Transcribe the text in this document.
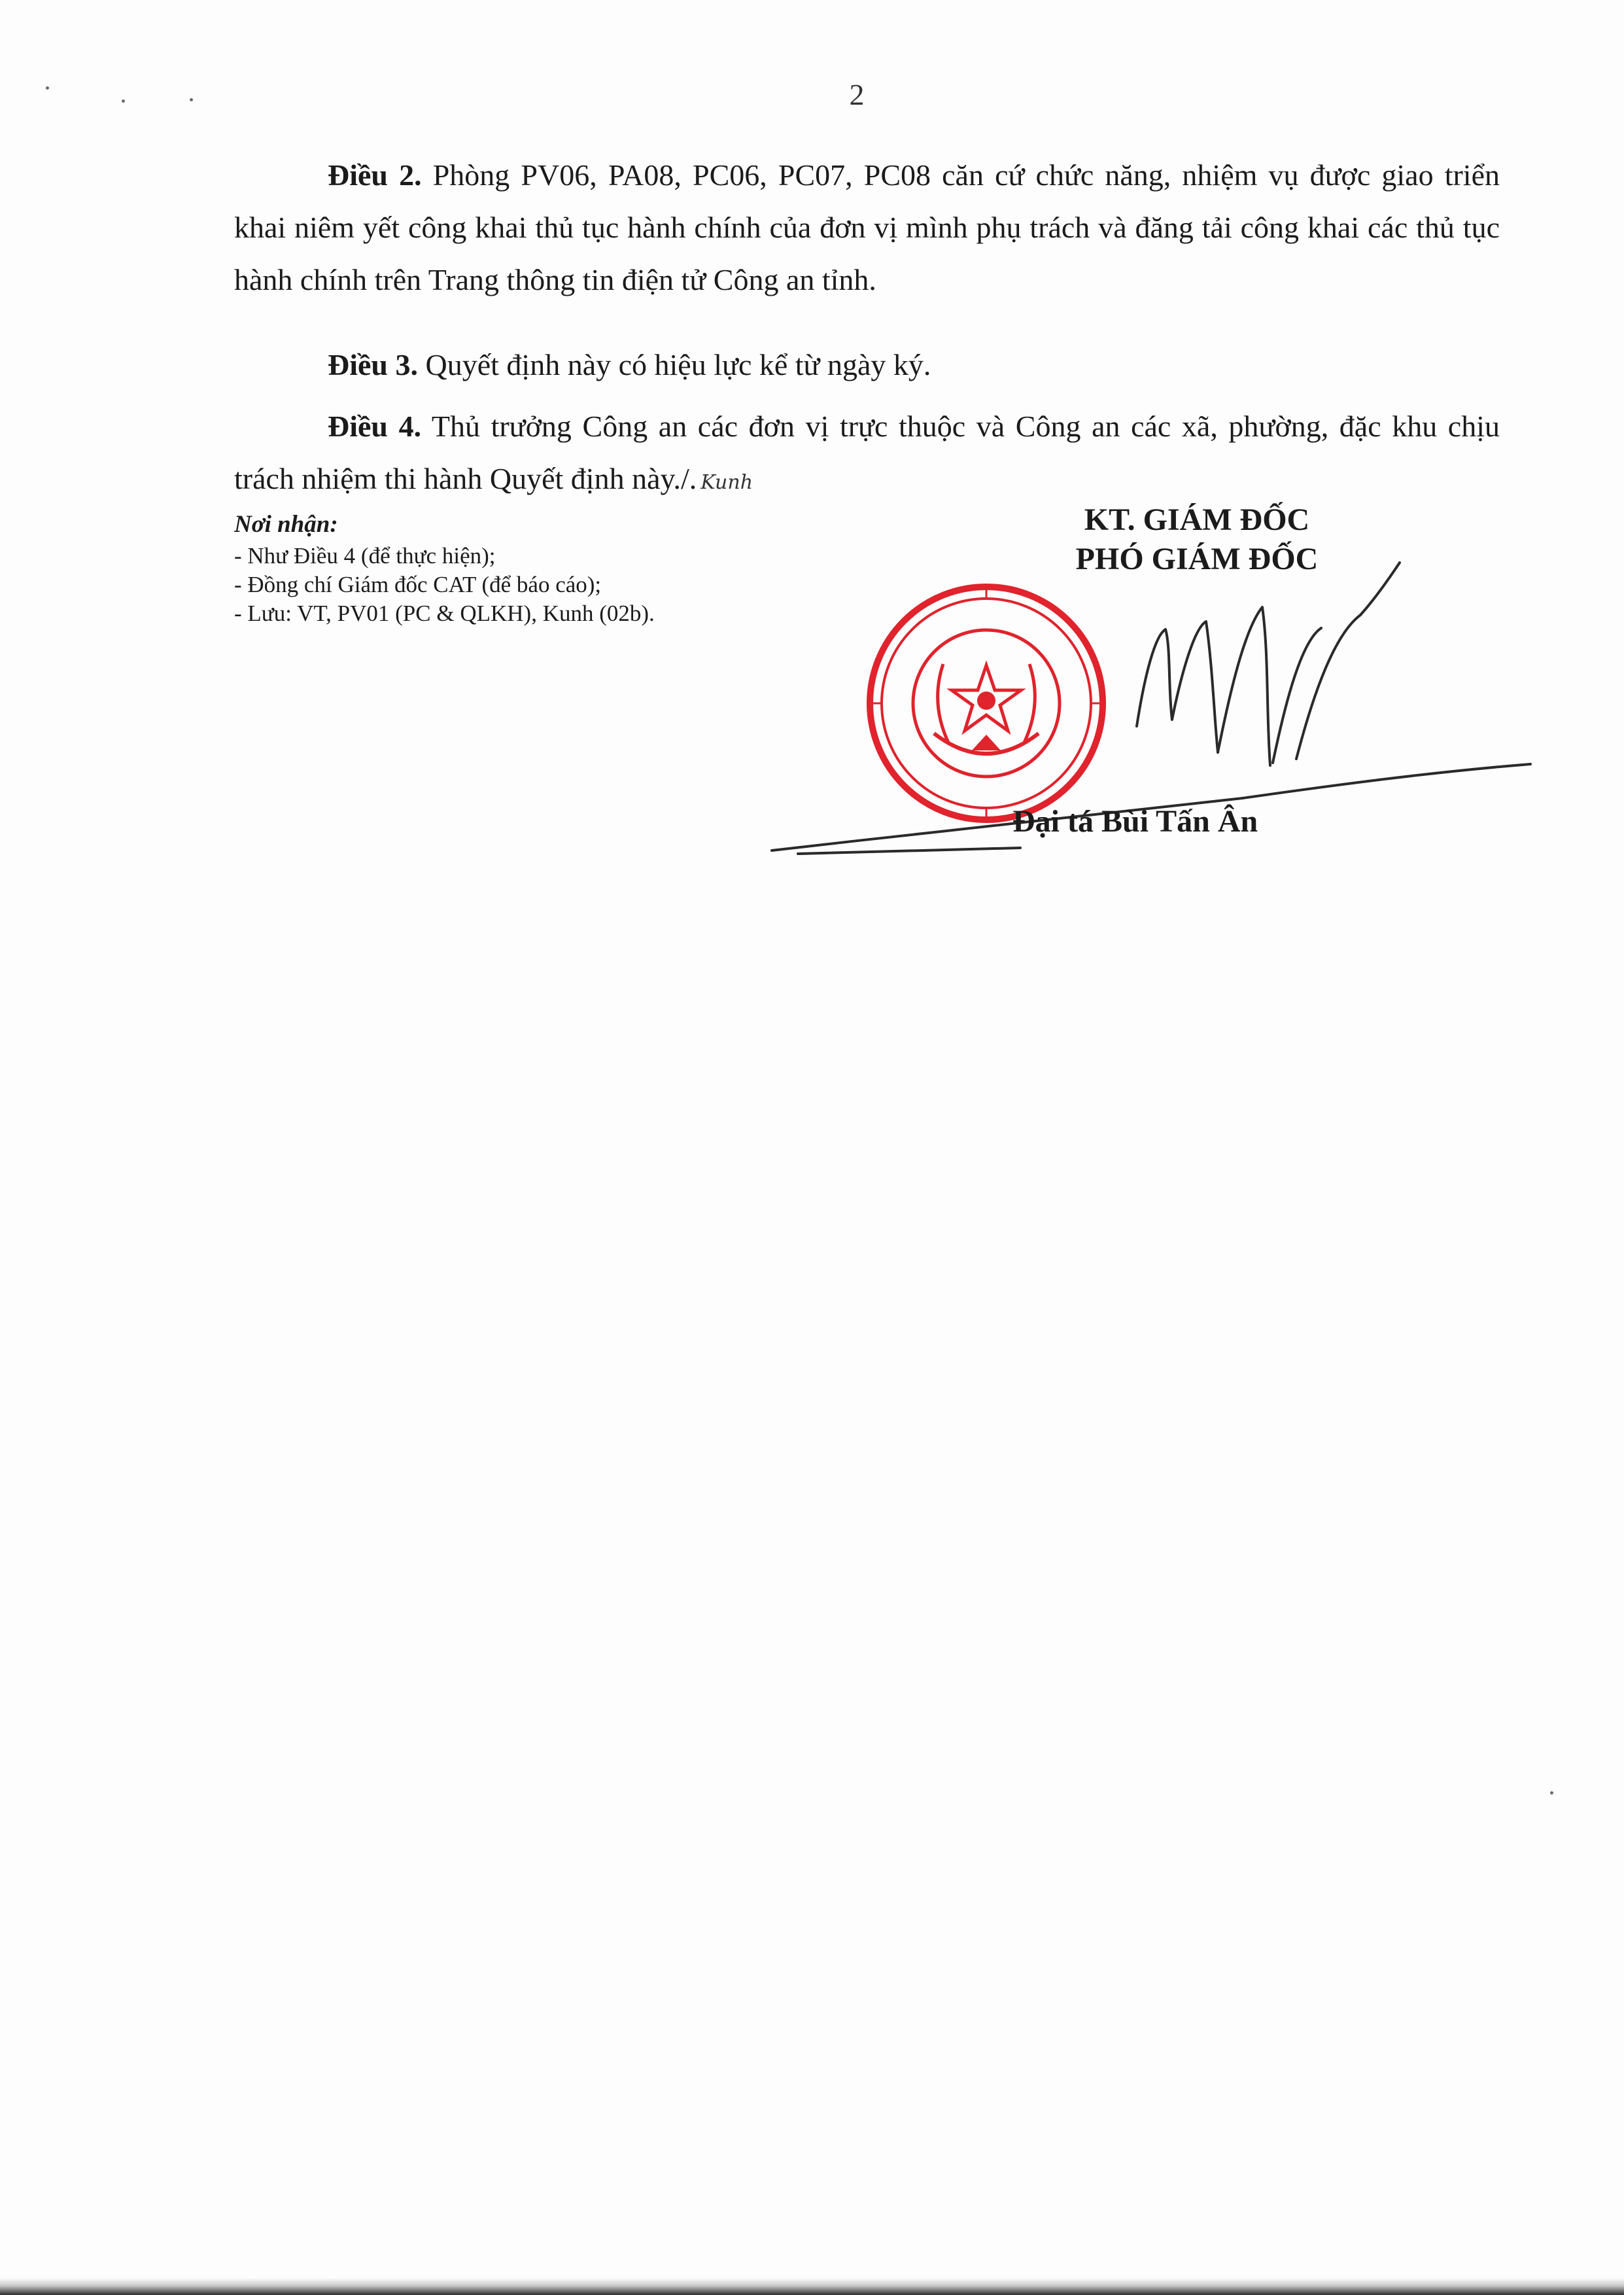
2

Điều 2. Phòng PV06, PA08, PC06, PC07, PC08 căn cứ chức năng, nhiệm vụ được giao triển khai niêm yết công khai thủ tục hành chính của đơn vị mình phụ trách và đăng tải công khai các thủ tục hành chính trên Trang thông tin điện tử Công an tỉnh.

Điều 3. Quyết định này có hiệu lực kể từ ngày ký.

Điều 4. Thủ trưởng Công an các đơn vị trực thuộc và Công an các xã, phường, đặc khu chịu trách nhiệm thi hành Quyết định này./. Kunh

Nơi nhận:
- Như Điều 4 (để thực hiện);
- Đồng chí Giám đốc CAT (để báo cáo);
- Lưu: VT, PV01 (PC & QLKH), Kunh (02b).
KT. GIÁM ĐỐC
PHÓ GIÁM ĐỐC
Đại tá Bùi Tấn Ân
